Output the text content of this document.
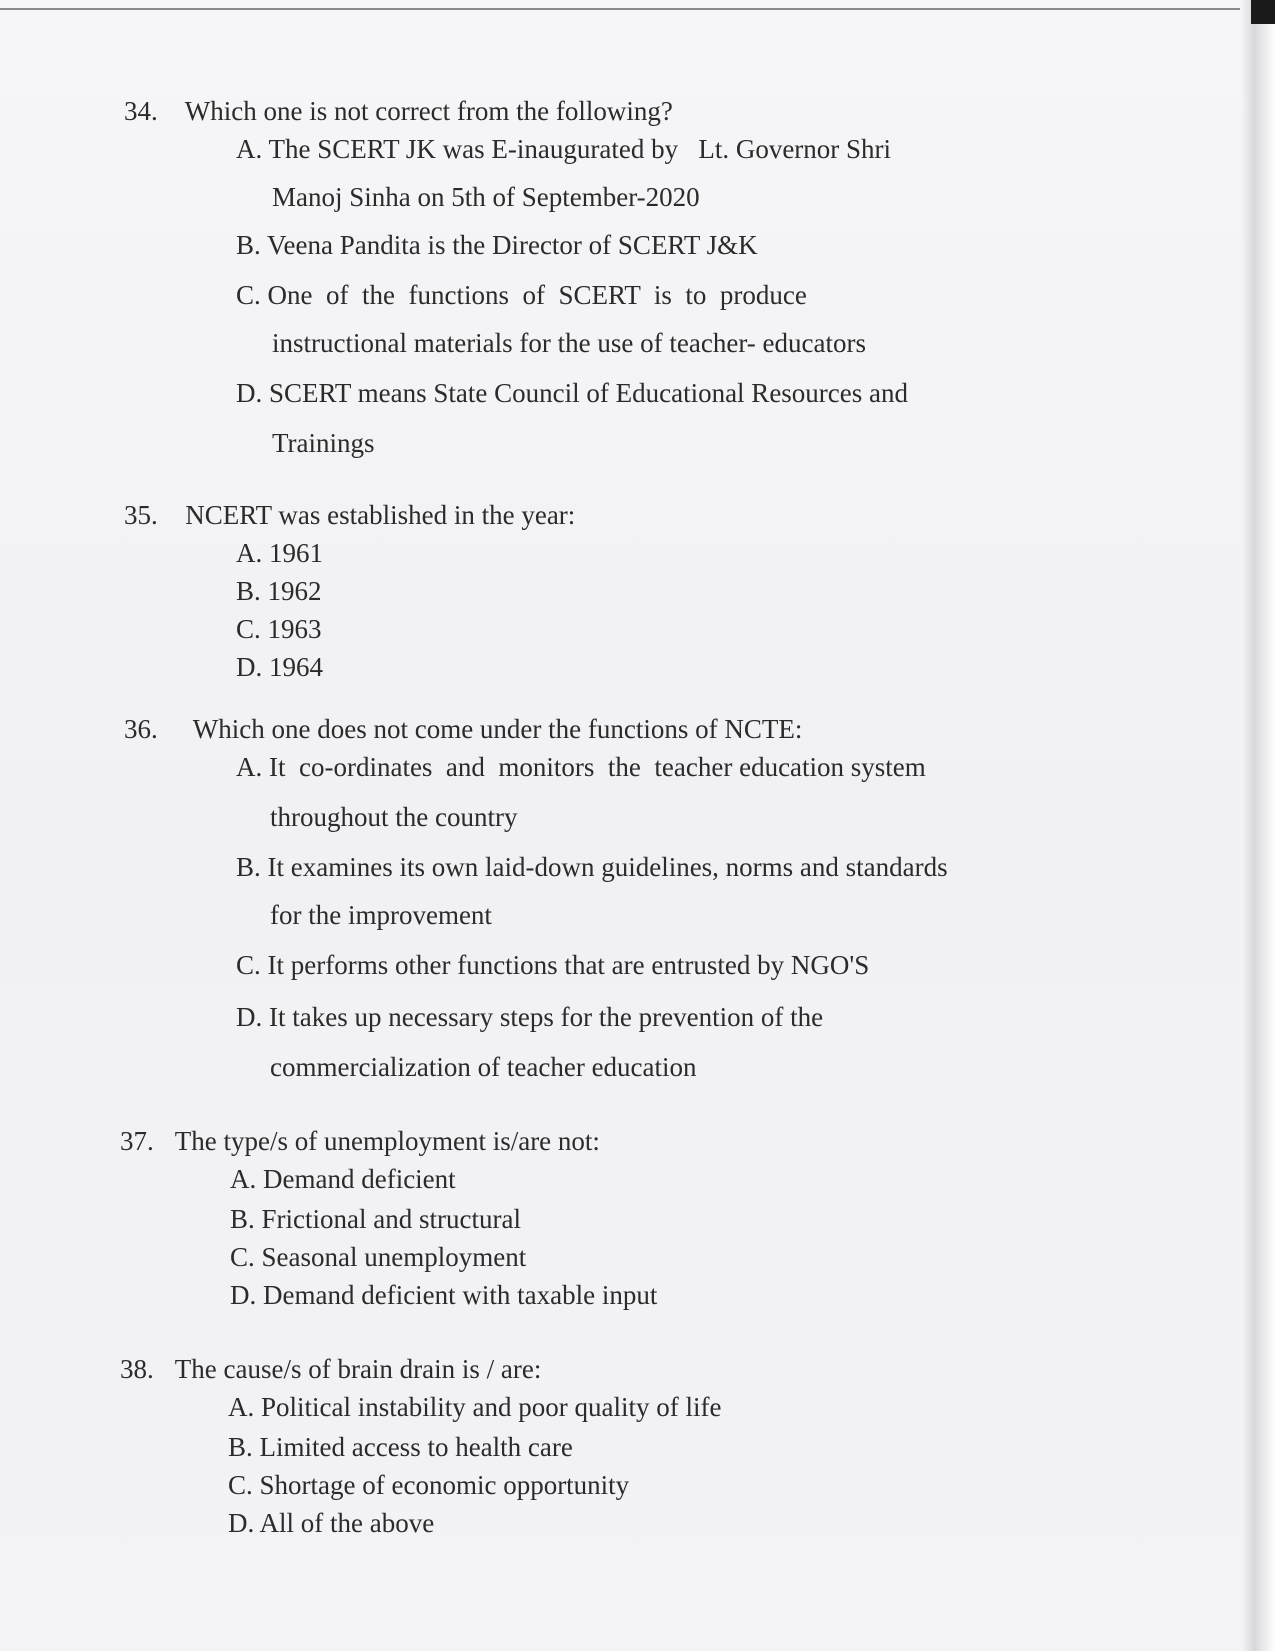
34. Which one is not correct from the following?
A. The SCERT JK was E-inaugurated by   Lt. Governor Shri
Manoj Sinha on 5th of September-2020
B. Veena Pandita is the Director of SCERT J&K
C. One  of  the  functions  of  SCERT  is  to  produce
instructional materials for the use of teacher- educators
D. SCERT means State Council of Educational Resources and
Trainings
35. NCERT was established in the year:
A. 1961
B. 1962
C. 1963
D. 1964
36. Which one does not come under the functions of NCTE:
A. It  co-ordinates  and  monitors  the  teacher education system
throughout the country
B. It examines its own laid-down guidelines, norms and standards
for the improvement
C. It performs other functions that are entrusted by NGO'S
D. It takes up necessary steps for the prevention of the
commercialization of teacher education
37. The type/s of unemployment is/are not:
A. Demand deficient
B. Frictional and structural
C. Seasonal unemployment
D. Demand deficient with taxable input
38. The cause/s of brain drain is / are:
A. Political instability and poor quality of life
B. Limited access to health care
C. Shortage of economic opportunity
D. All of the above
